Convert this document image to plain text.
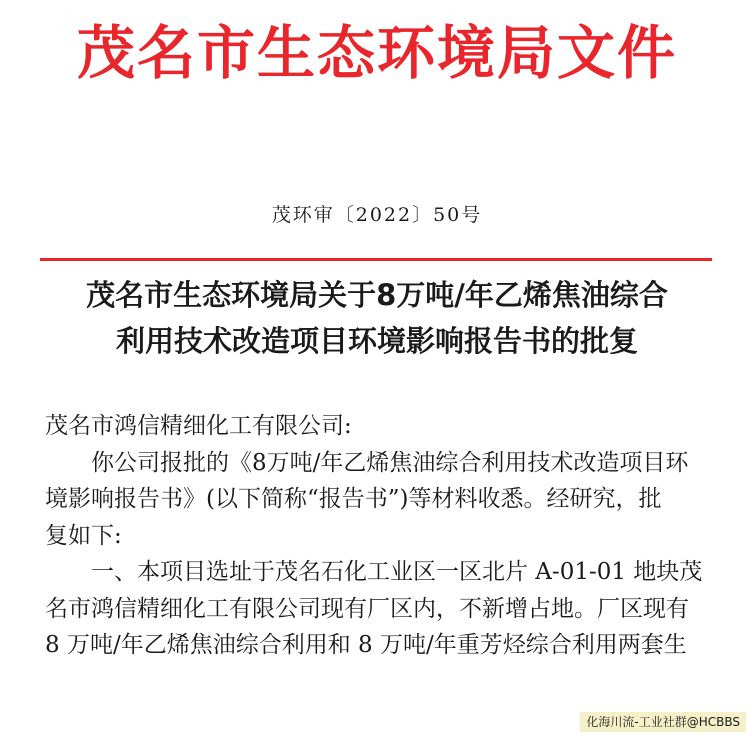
茂名市生态环境局文件
茂环审〔2022〕50号
茂名市生态环境局关于8万吨/年乙烯焦油综合
利用技术改造项目环境影响报告书的批复
茂名市鸿信精细化工有限公司:
你公司报批的《8万吨/年乙烯焦油综合利用技术改造项目环
境影响报告书》(以下简称“报告书”)等材料收悉。经研究，批
复如下:
一、本项目选址于茂名石化工业区一区北片 A-01-01 地块茂
名市鸿信精细化工有限公司现有厂区内，不新增占地。厂区现有
8 万吨/年乙烯焦油综合利用和 8 万吨/年重芳烃综合利用两套生
化海川流-工业社群@HCBBS
